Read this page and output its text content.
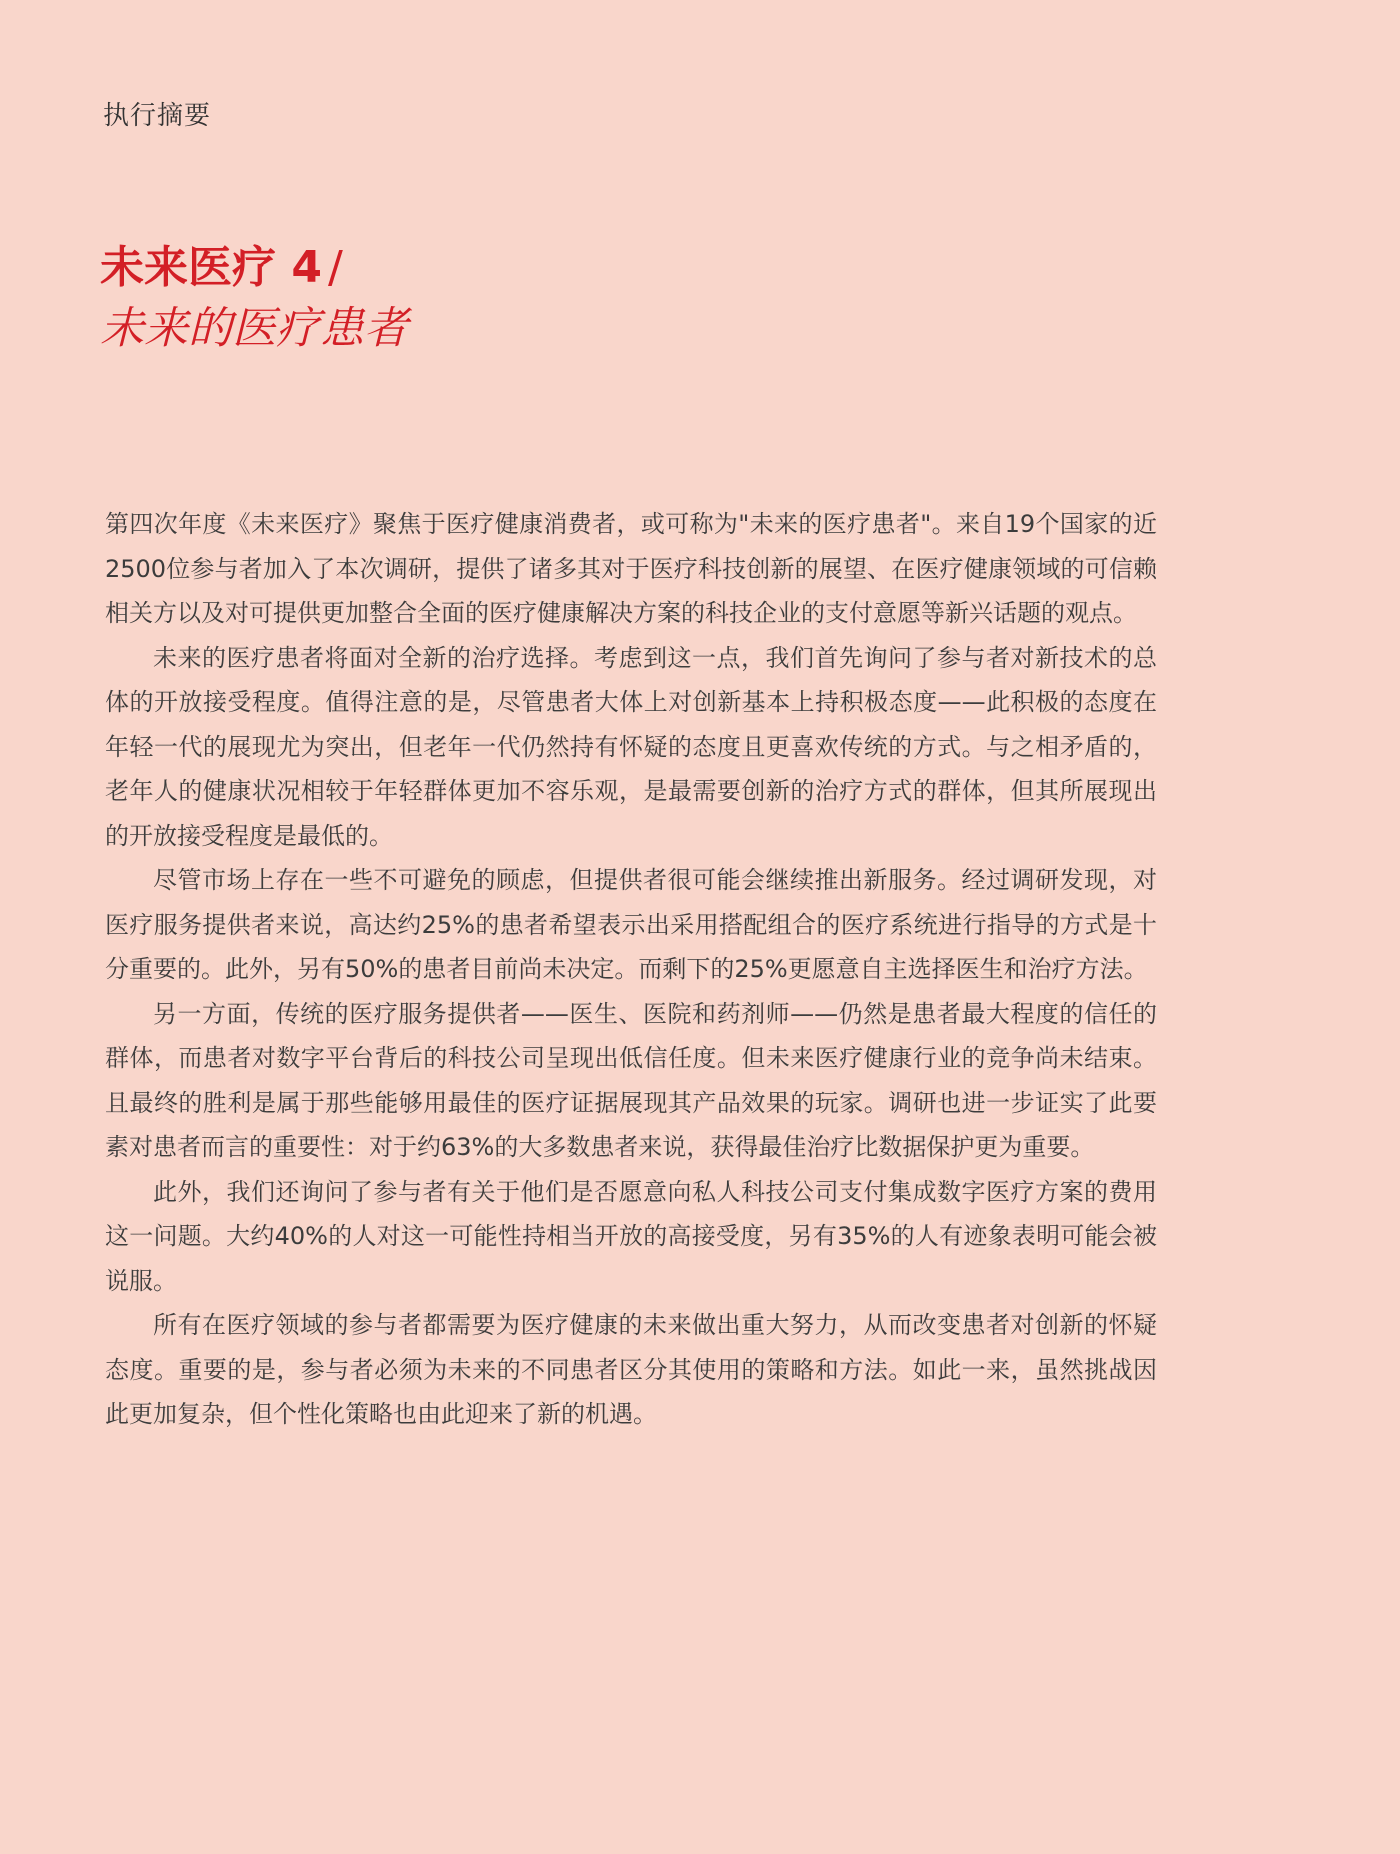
执行摘要
未来医疗 4 /
未来的医疗患者

第四次年度《未来医疗》聚焦于医疗健康消费者，或可称为"未来的医疗患者"。来自19个国家的近2500位参与者加入了本次调研，提供了诸多其对于医疗科技创新的展望、在医疗健康领域的可信赖相关方以及对可提供更加整合全面的医疗健康解决方案的科技企业的支付意愿等新兴话题的观点。

未来的医疗患者将面对全新的治疗选择。考虑到这一点，我们首先询问了参与者对新技术的总体的开放接受程度。值得注意的是，尽管患者大体上对创新基本上持积极态度——此积极的态度在年轻一代的展现尤为突出，但老年一代仍然持有怀疑的态度且更喜欢传统的方式。与之相矛盾的，老年人的健康状况相较于年轻群体更加不容乐观，是最需要创新的治疗方式的群体，但其所展现出的开放接受程度是最低的。

尽管市场上存在一些不可避免的顾虑，但提供者很可能会继续推出新服务。经过调研发现，对医疗服务提供者来说，高达约25%的患者希望表示出采用搭配组合的医疗系统进行指导的方式是十分重要的。此外，另有50%的患者目前尚未决定。而剩下的25%更愿意自主选择医生和治疗方法。

另一方面，传统的医疗服务提供者——医生、医院和药剂师——仍然是患者最大程度的信任的群体，而患者对数字平台背后的科技公司呈现出低信任度。但未来医疗健康行业的竞争尚未结束。且最终的胜利是属于那些能够用最佳的医疗证据展现其产品效果的玩家。调研也进一步证实了此要素对患者而言的重要性：对于约63%的大多数患者来说，获得最佳治疗比数据保护更为重要。

此外，我们还询问了参与者有关于他们是否愿意向私人科技公司支付集成数字医疗方案的费用这一问题。大约40%的人对这一可能性持相当开放的高接受度，另有35%的人有迹象表明可能会被说服。

所有在医疗领域的参与者都需要为医疗健康的未来做出重大努力，从而改变患者对创新的怀疑态度。重要的是，参与者必须为未来的不同患者区分其使用的策略和方法。如此一来，虽然挑战因此更加复杂，但个性化策略也由此迎来了新的机遇。
